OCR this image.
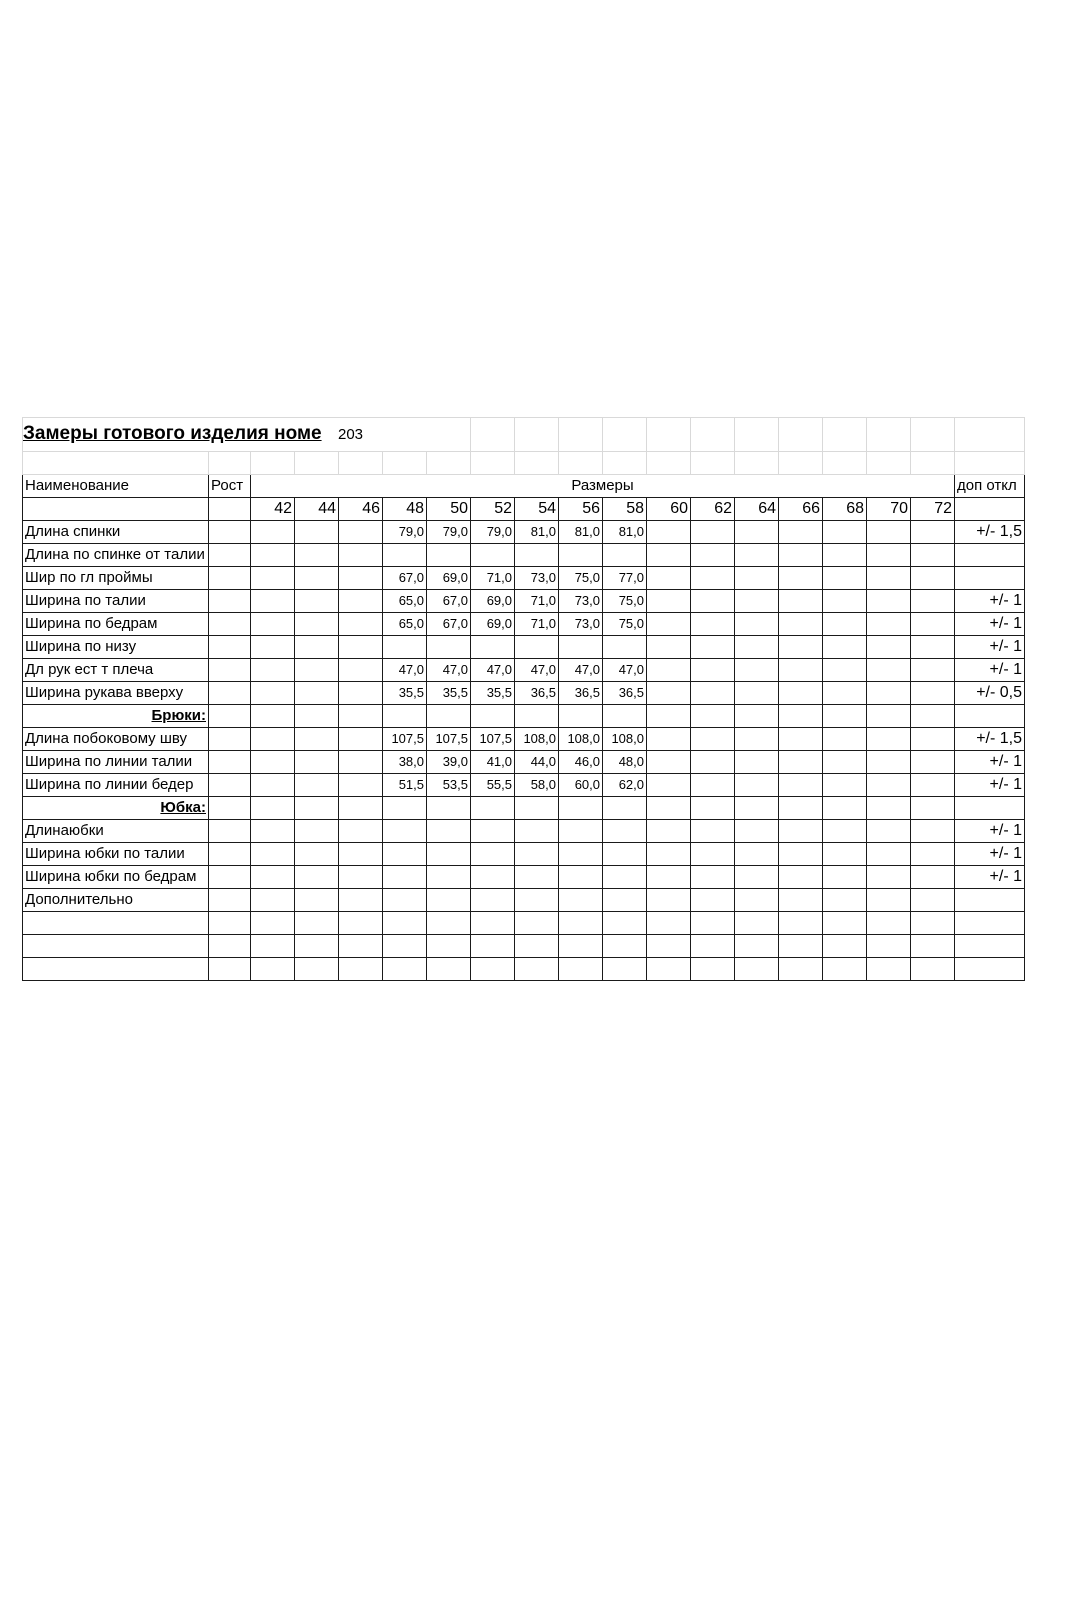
Замеры готового изделия номе 203																		

Наименование	Рост	Размеры																доп откл
		42	44	46	48	50	52	54	56	58	60	62	64	66	68	70	72	
Длина спинки					79,0	79,0	79,0	81,0	81,0	81,0								+/- 1,5
Длина по спинке от талии																		
Шир по гл проймы					67,0	69,0	71,0	73,0	75,0	77,0								
Ширина по талии					65,0	67,0	69,0	71,0	73,0	75,0								+/- 1
Ширина по бедрам					65,0	67,0	69,0	71,0	73,0	75,0								+/- 1
Ширина по низу																		+/- 1
Дл рук ест т плеча					47,0	47,0	47,0	47,0	47,0	47,0								+/- 1
Ширина рукава вверху					35,5	35,5	35,5	36,5	36,5	36,5								+/- 0,5
Брюки:																		
Длина побоковому шву					107,5	107,5	107,5	108,0	108,0	108,0								+/- 1,5
Ширина по линии талии					38,0	39,0	41,0	44,0	46,0	48,0								+/- 1
Ширина по линии бедер					51,5	53,5	55,5	58,0	60,0	62,0								+/- 1
Юбка:																		
Длинаюбки																		+/- 1
Ширина юбки по талии																		+/- 1
Ширина юбки по бедрам																		+/- 1
Дополнительно																		
